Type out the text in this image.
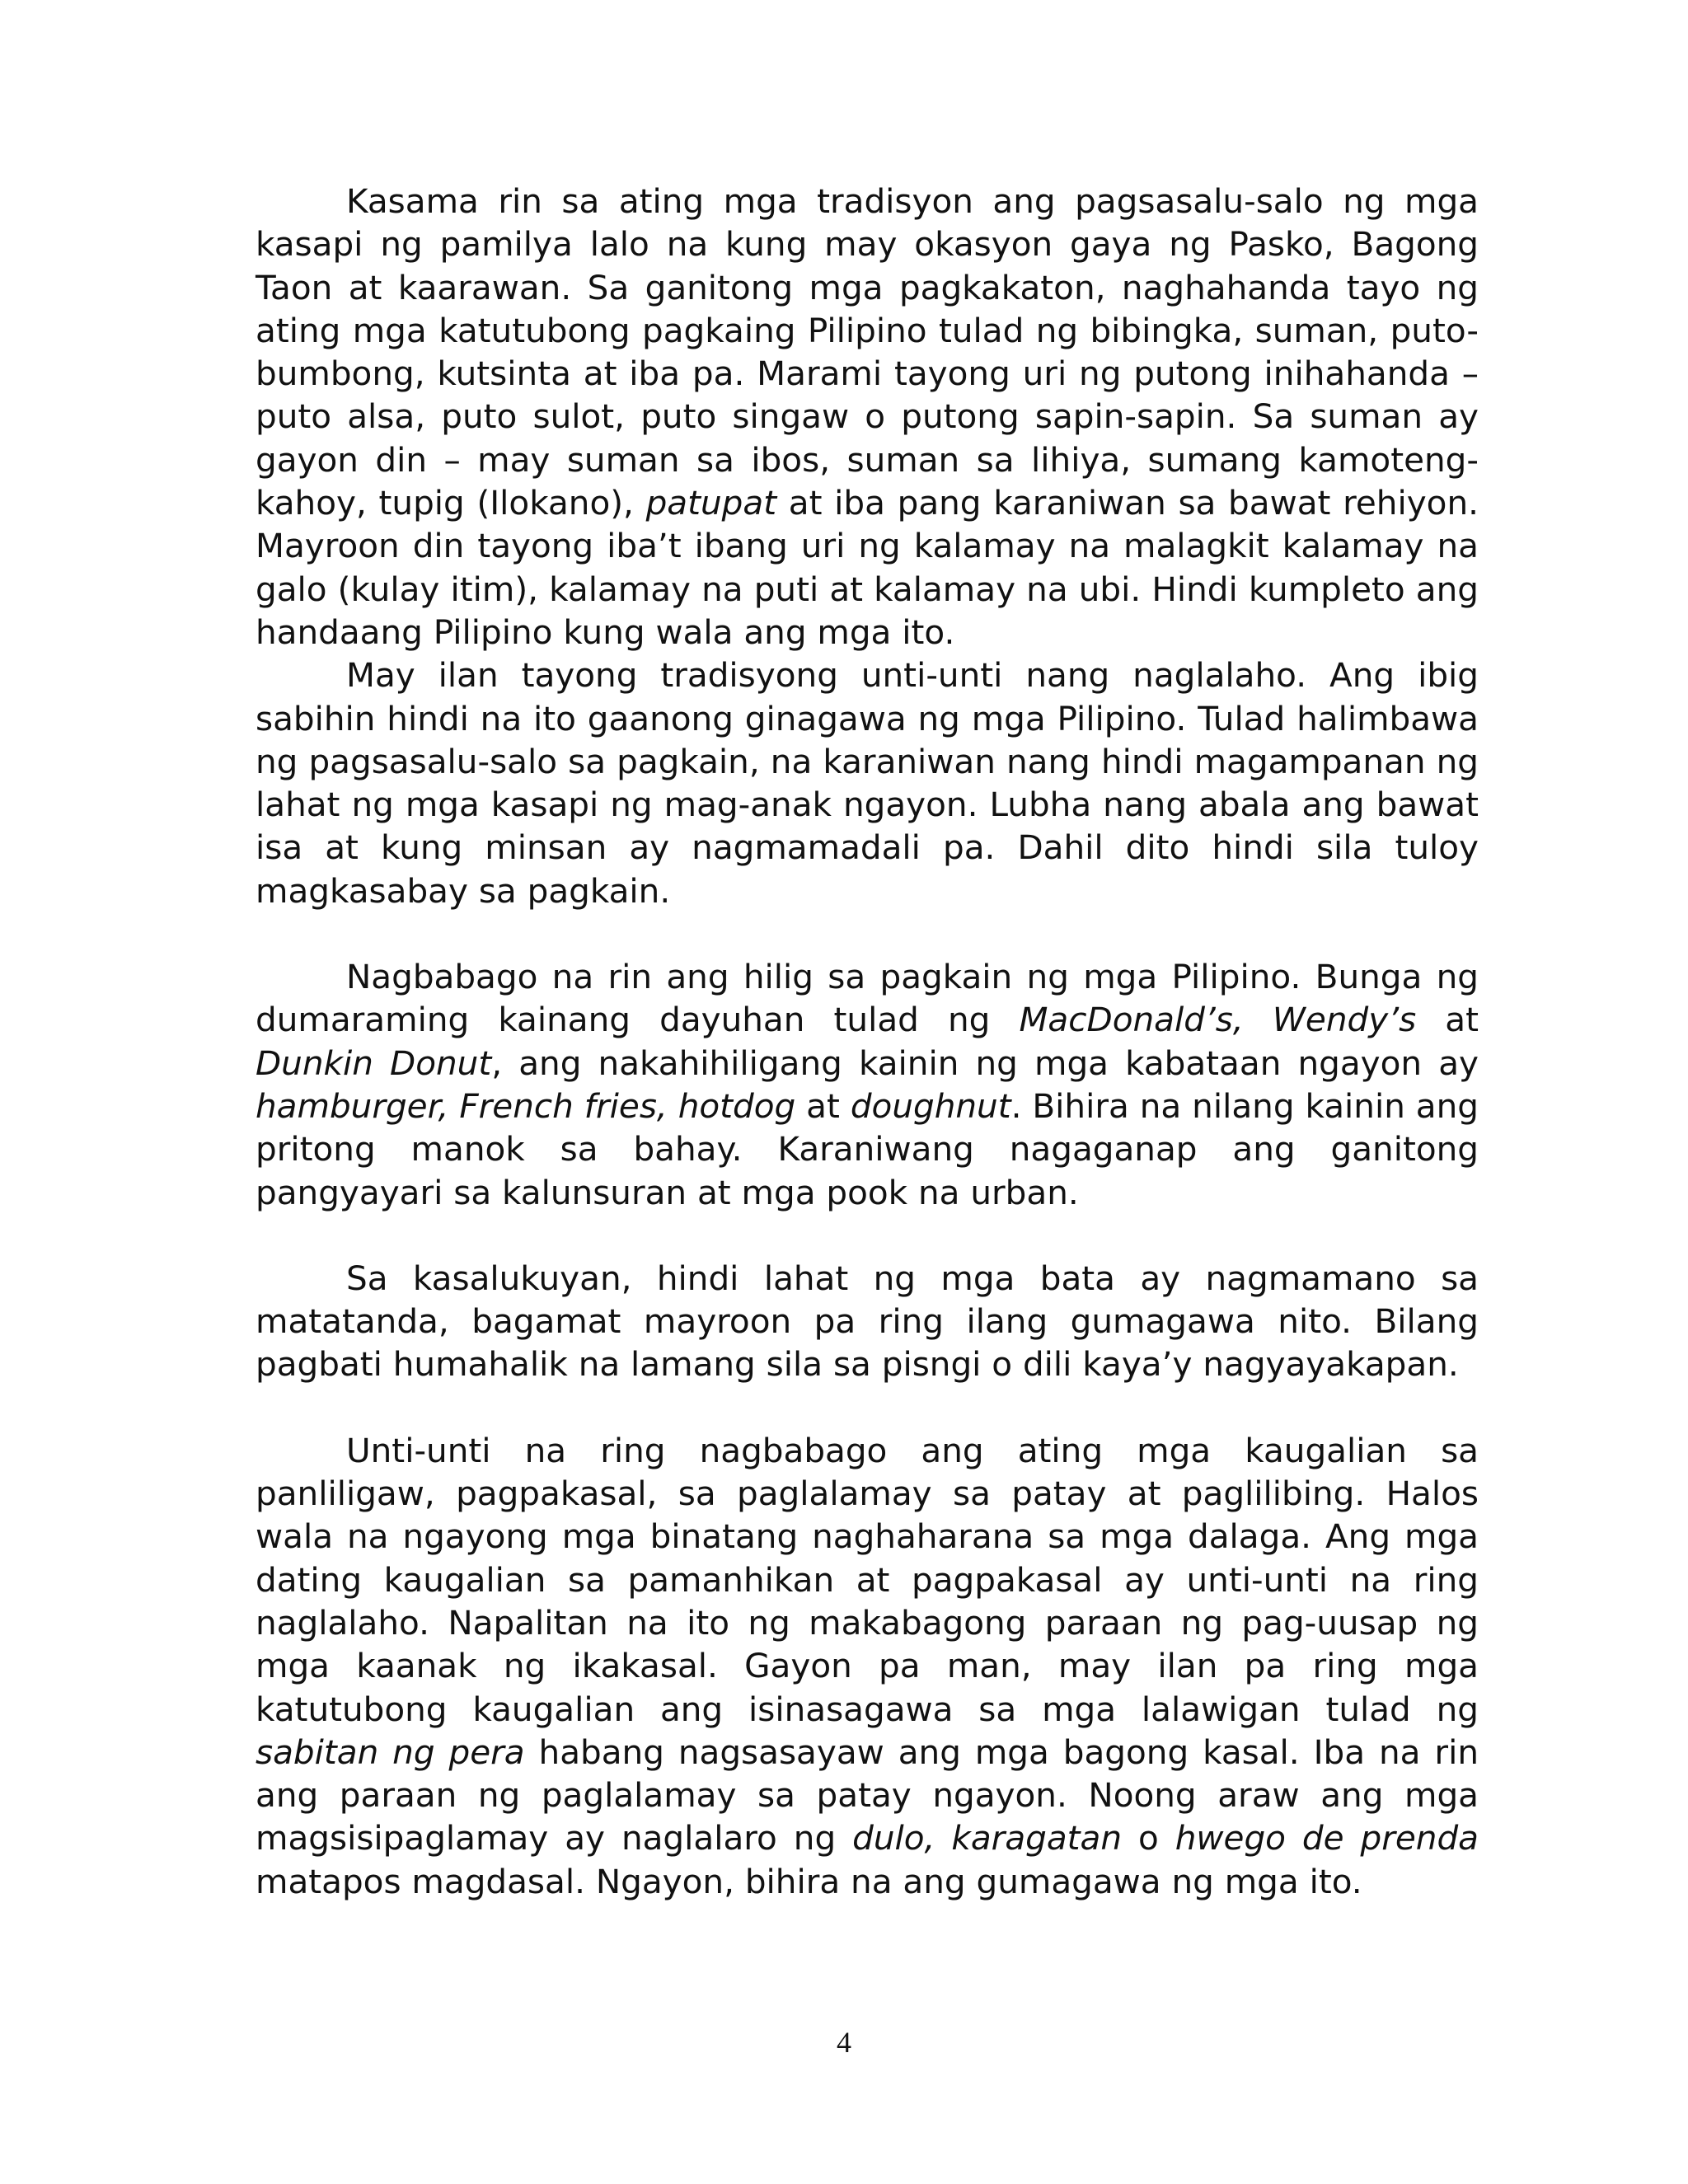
Kasama rin sa ating mga tradisyon ang pagsasalu-salo ng mga kasapi ng pamilya lalo na kung may okasyon gaya ng Pasko, Bagong Taon at kaarawan. Sa ganitong mga pagkakaton, naghahanda tayo ng ating mga katutubong pagkaing Pilipino tulad ng bibingka, suman, puto-bumbong, kutsinta at iba pa. Marami tayong uri ng putong inihahanda – puto alsa, puto sulot, puto singaw o putong sapin-sapin. Sa suman ay gayon din – may suman sa ibos, suman sa lihiya, sumang kamoteng-kahoy, tupig (Ilokano), patupat at iba pang karaniwan sa bawat rehiyon. Mayroon din tayong iba’t ibang uri ng kalamay na malagkit kalamay na galo (kulay itim), kalamay na puti at kalamay na ubi. Hindi kumpleto ang handaang Pilipino kung wala ang mga ito.

May ilan tayong tradisyong unti-unti nang naglalaho. Ang ibig sabihin hindi na ito gaanong ginagawa ng mga Pilipino. Tulad halimbawa ng pagsasalu-salo sa pagkain, na karaniwan nang hindi magampanan ng lahat ng mga kasapi ng mag-anak ngayon. Lubha nang abala ang bawat isa at kung minsan ay nagmamadali pa. Dahil dito hindi sila tuloy magkasabay sa pagkain.

Nagbabago na rin ang hilig sa pagkain ng mga Pilipino. Bunga ng dumaraming kainang dayuhan tulad ng MacDonald’s, Wendy’s at Dunkin Donut, ang nakahihiligang kainin ng mga kabataan ngayon ay hamburger, French fries, hotdog at doughnut. Bihira na nilang kainin ang pritong manok sa bahay. Karaniwang nagaganap ang ganitong pangyayari sa kalunsuran at mga pook na urban.

Sa kasalukuyan, hindi lahat ng mga bata ay nagmamano sa matatanda, bagamat mayroon pa ring ilang gumagawa nito. Bilang pagbati humahalik na lamang sila sa pisngi o dili kaya’y nagyayakapan.

Unti-unti na ring nagbabago ang ating mga kaugalian sa panliligaw, pagpakasal, sa paglalamay sa patay at paglilibing. Halos wala na ngayong mga binatang naghaharana sa mga dalaga. Ang mga dating kaugalian sa pamanhikan at pagpakasal ay unti-unti na ring naglalaho. Napalitan na ito ng makabagong paraan ng pag-uusap ng mga kaanak ng ikakasal. Gayon pa man, may ilan pa ring mga katutubong kaugalian ang isinasagawa sa mga lalawigan tulad ng sabitan ng pera habang nagsasayaw ang mga bagong kasal. Iba na rin ang paraan ng paglalamay sa patay ngayon. Noong araw ang mga magsisipaglamay ay naglalaro ng dulo, karagatan o hwego de prenda matapos magdasal. Ngayon, bihira na ang gumagawa ng mga ito.

4
